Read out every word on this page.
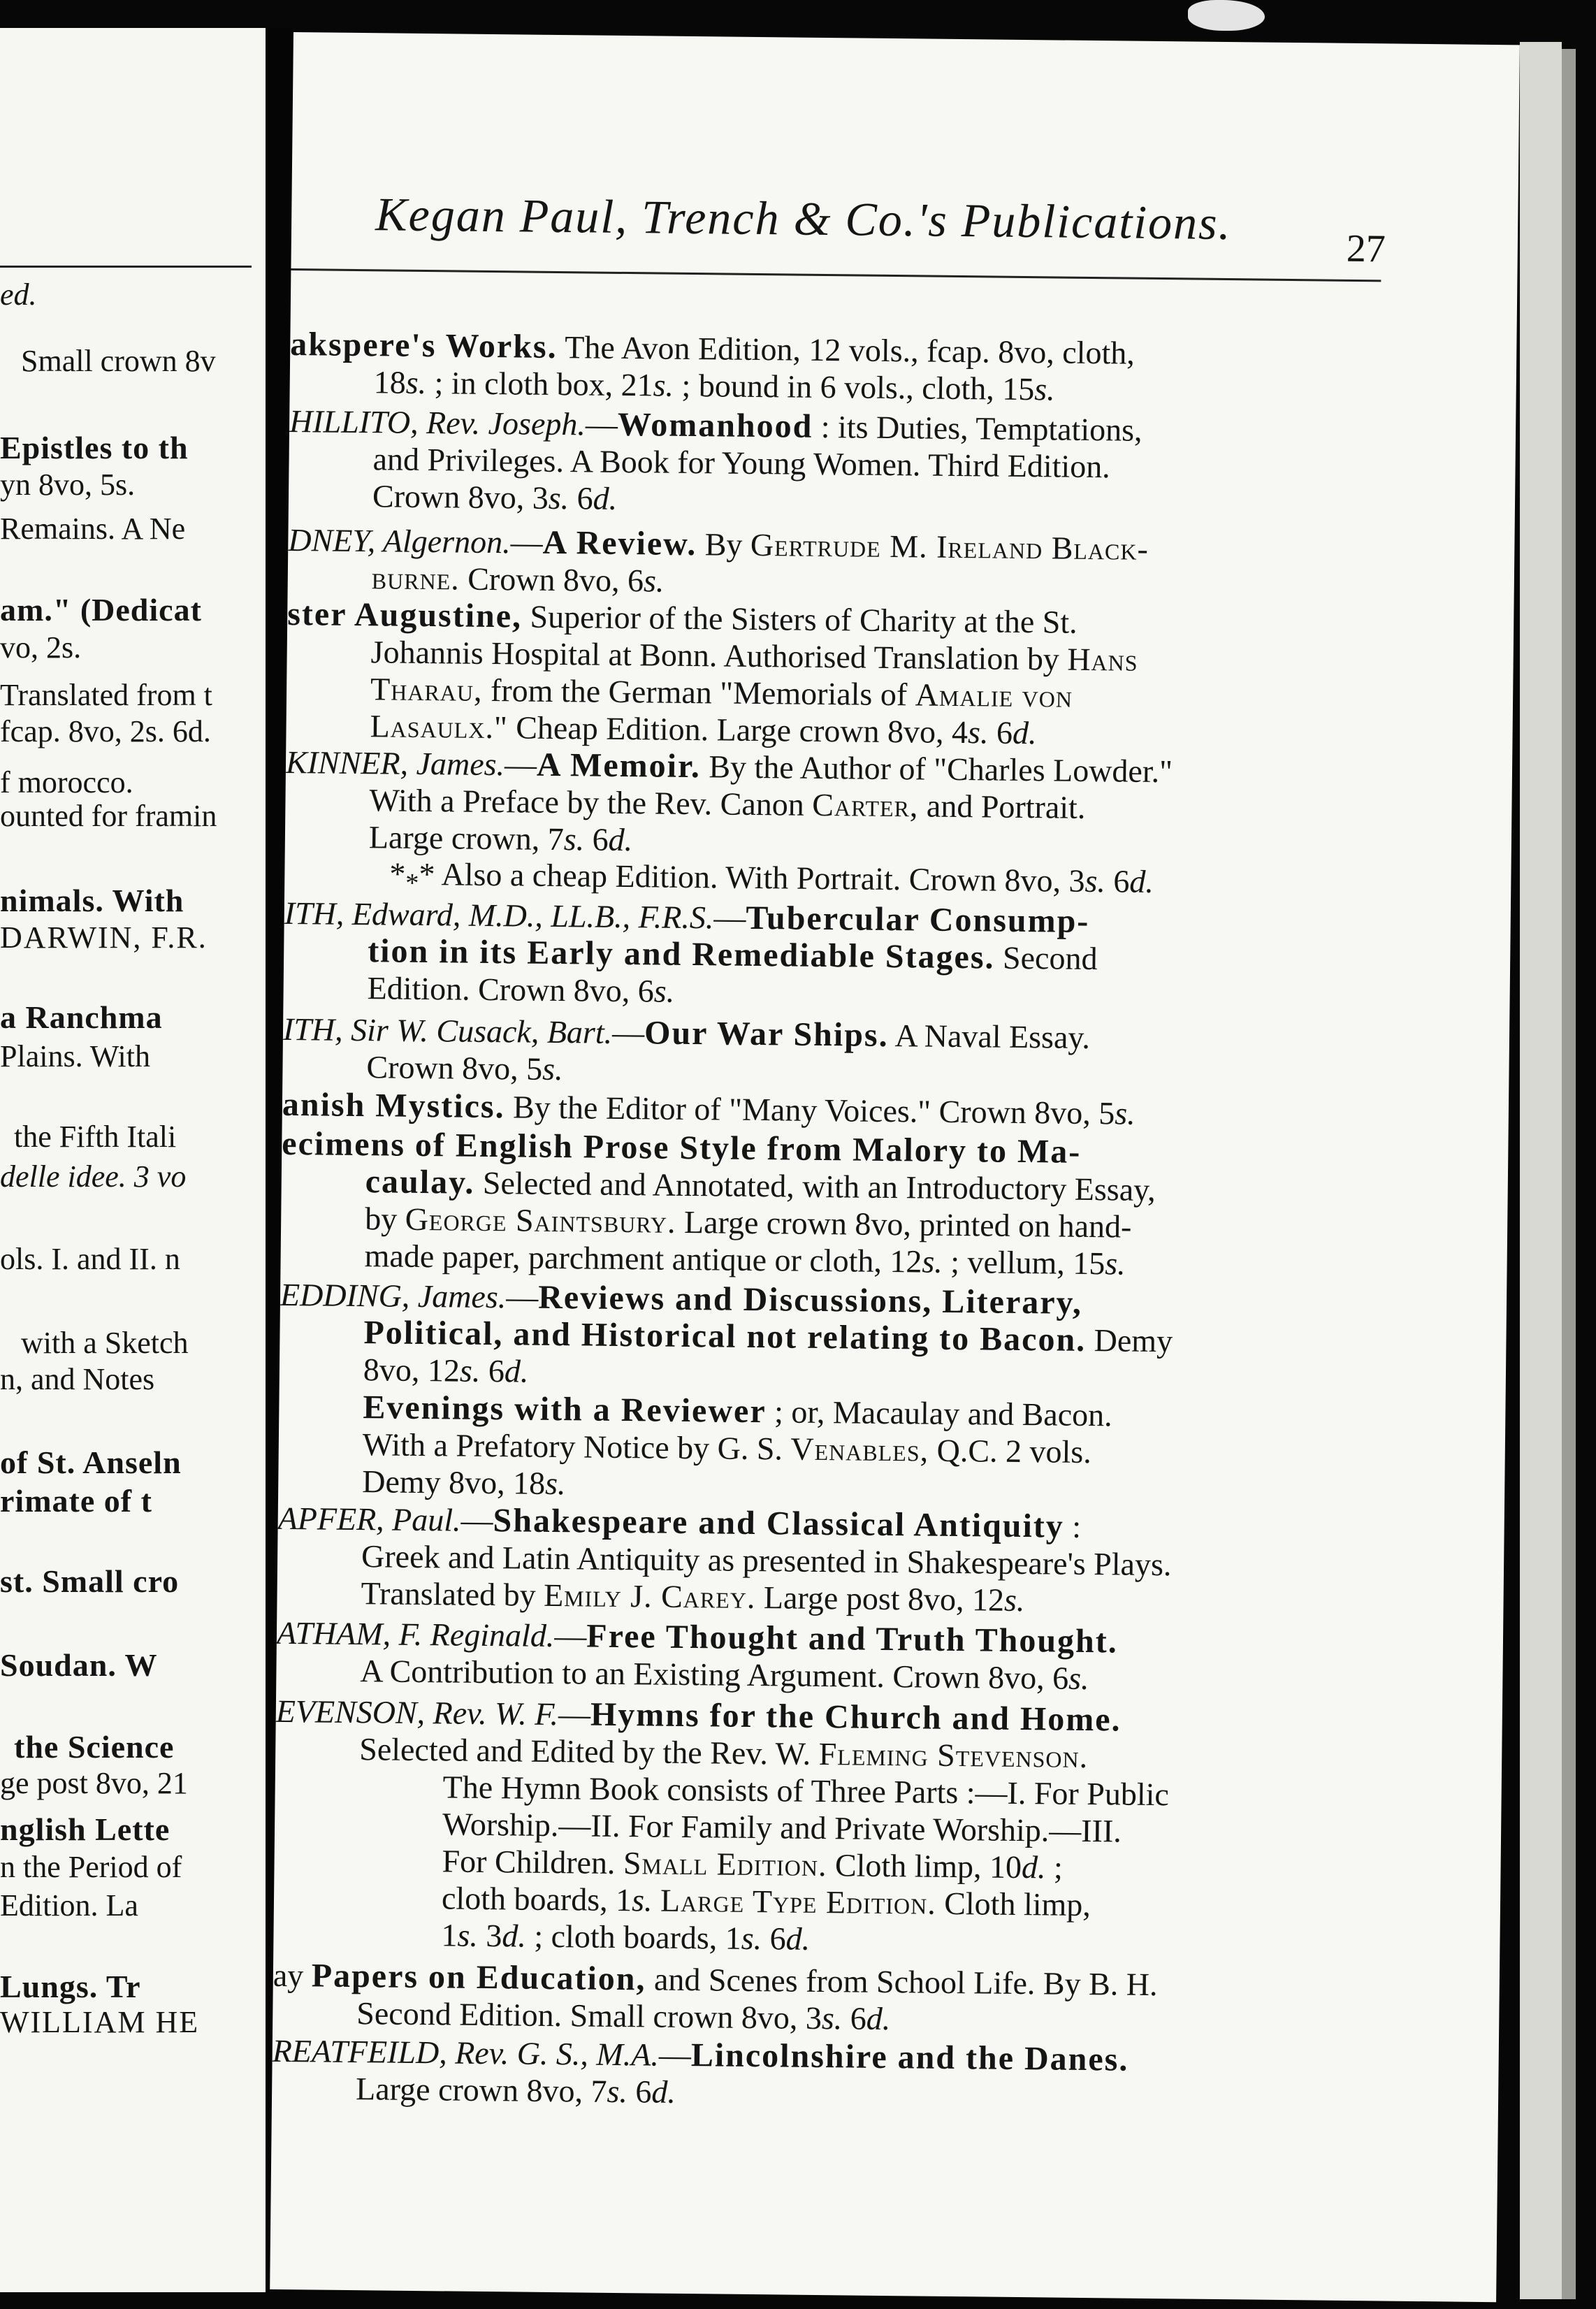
ed.
Small crown 8v
Epistles to th
yn 8vo, 5s.
Remains. A Ne
am." (Dedicat
vo, 2s.
Translated from t
fcap. 8vo, 2s. 6d.
f morocco.
ounted for framin
nimals. With
DARWIN, F.R.
a Ranchma
Plains. With
the Fifth Itali
delle idee. 3 vo
ols. I. and II. n
with a Sketch
n, and Notes
of St. Anseln
rimate of t
st. Small cro
Soudan. W
the Science
ge post 8vo, 21
nglish Lette
n the Period of
Edition. La
Lungs. Tr
WILLIAM HE
Kegan Paul, Trench & Co.'s Publications.	27
akspere's Works. The Avon Edition, 12 vols., fcap. 8vo, cloth,
18s. ; in cloth box, 21s. ; bound in 6 vols., cloth, 15s.
HILLITO, Rev. Joseph.—Womanhood : its Duties, Temptations,
and Privileges. A Book for Young Women. Third Edition.
Crown 8vo, 3s. 6d.
DNEY, Algernon.—A Review. By Gertrude M. Ireland Black-
burne. Crown 8vo, 6s.
ster Augustine, Superior of the Sisters of Charity at the St.
Johannis Hospital at Bonn. Authorised Translation by Hans
Tharau, from the German "Memorials of Amalie von
Lasaulx." Cheap Edition. Large crown 8vo, 4s. 6d.
KINNER, James.—A Memoir. By the Author of "Charles Lowder."
With a Preface by the Rev. Canon Carter, and Portrait.
Large crown, 7s. 6d.
$*_**$ Also a cheap Edition. With Portrait. Crown 8vo, 3s. 6d.
ITH, Edward, M.D., LL.B., F.R.S.—Tubercular Consump-
tion in its Early and Remediable Stages. Second
Edition. Crown 8vo, 6s.
ITH, Sir W. Cusack, Bart.—Our War Ships. A Naval Essay.
Crown 8vo, 5s.
anish Mystics. By the Editor of "Many Voices." Crown 8vo, 5s.
ecimens of English Prose Style from Malory to Ma-
caulay. Selected and Annotated, with an Introductory Essay,
by George Saintsbury. Large crown 8vo, printed on hand-
made paper, parchment antique or cloth, 12s. ; vellum, 15s.
EDDING, James.—Reviews and Discussions, Literary,
Political, and Historical not relating to Bacon. Demy
8vo, 12s. 6d.
Evenings with a Reviewer ; or, Macaulay and Bacon.
With a Prefatory Notice by G. S. Venables, Q.C. 2 vols.
Demy 8vo, 18s.
APFER, Paul.—Shakespeare and Classical Antiquity :
Greek and Latin Antiquity as presented in Shakespeare's Plays.
Translated by Emily J. Carey. Large post 8vo, 12s.
ATHAM, F. Reginald.—Free Thought and Truth Thought.
A Contribution to an Existing Argument. Crown 8vo, 6s.
EVENSON, Rev. W. F.—Hymns for the Church and Home.
Selected and Edited by the Rev. W. Fleming Stevenson.
The Hymn Book consists of Three Parts :—I. For Public
Worship.—II. For Family and Private Worship.—III.
For Children. Small Edition. Cloth limp, 10d. ;
cloth boards, 1s. Large Type Edition. Cloth limp,
1s. 3d. ; cloth boards, 1s. 6d.
ay Papers on Education, and Scenes from School Life. By B. H.
Second Edition. Small crown 8vo, 3s. 6d.
REATFEILD, Rev. G. S., M.A.—Lincolnshire and the Danes.
Large crown 8vo, 7s. 6d.
